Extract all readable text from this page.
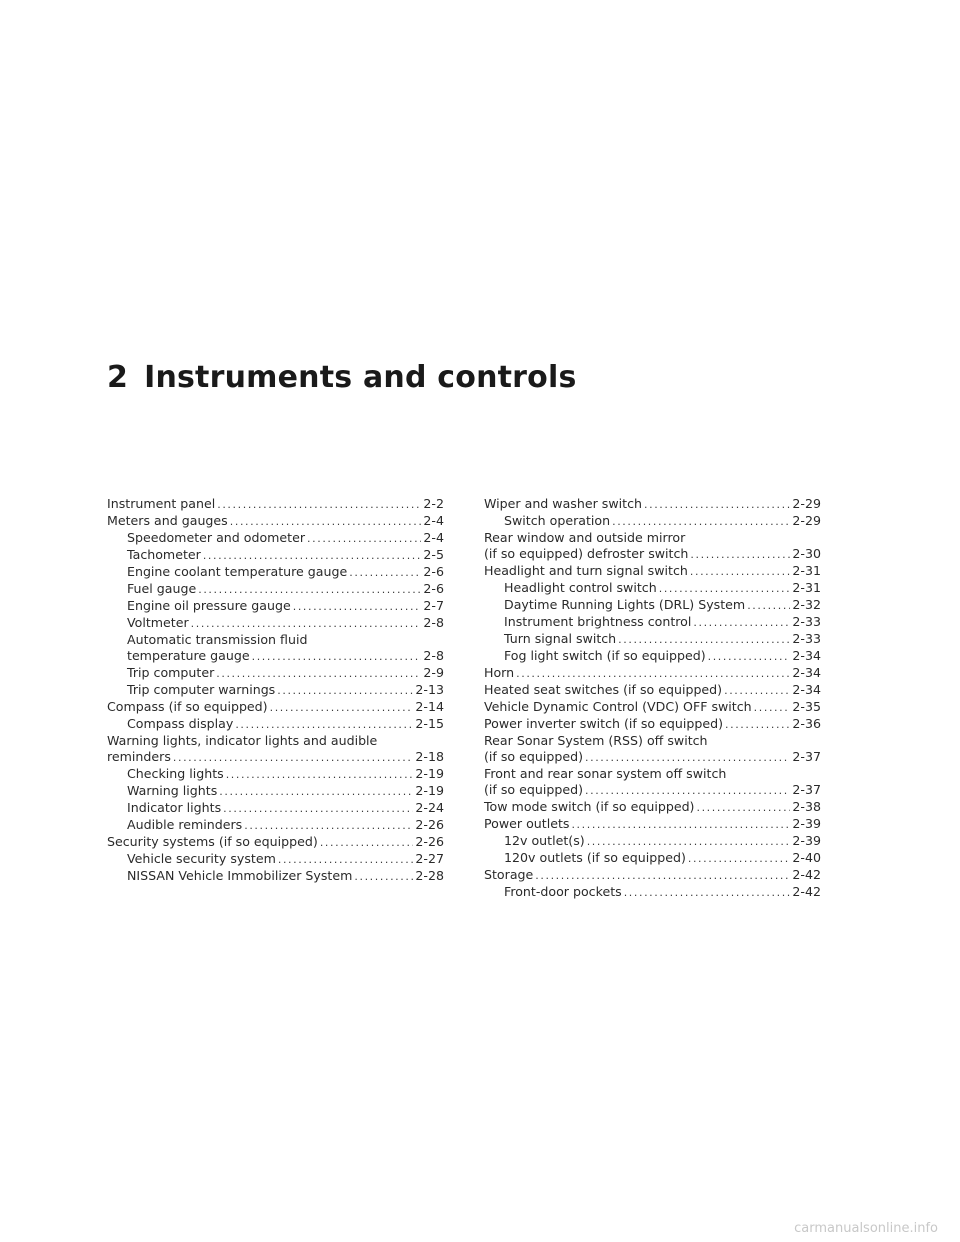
2 Instruments and controls
Instrument panel .....	2-2
Meters and gauges .....	2-4
Speedometer and odometer .....	2-4
Tachometer .....	2-5
Engine coolant temperature gauge .....	2-6
Fuel gauge .....	2-6
Engine oil pressure gauge .....	2-7
Voltmeter .....	2-8
Automatic transmission fluid
temperature gauge .....	2-8
Trip computer .....	2-9
Trip computer warnings .....	2-13
Compass (if so equipped) .....	2-14
Compass display .....	2-15
Warning lights, indicator lights and audible
reminders .....	2-18
Checking lights .....	2-19
Warning lights .....	2-19
Indicator lights .....	2-24
Audible reminders .....	2-26
Security systems (if so equipped) .....	2-26
Vehicle security system .....	2-27
NISSAN Vehicle Immobilizer System .....	2-28
Wiper and washer switch .....	2-29
Switch operation .....	2-29
Rear window and outside mirror
(if so equipped) defroster switch .....	2-30
Headlight and turn signal switch .....	2-31
Headlight control switch .....	2-31
Daytime Running Lights (DRL) System .....	2-32
Instrument brightness control .....	2-33
Turn signal switch .....	2-33
Fog light switch (if so equipped) .....	2-34
Horn .....	2-34
Heated seat switches (if so equipped) .....	2-34
Vehicle Dynamic Control (VDC) OFF switch .....	2-35
Power inverter switch (if so equipped) .....	2-36
Rear Sonar System (RSS) off switch
(if so equipped) .....	2-37
Front and rear sonar system off switch
(if so equipped) .....	2-37
Tow mode switch (if so equipped) .....	2-38
Power outlets .....	2-39
12v outlet(s) .....	2-39
120v outlets (if so equipped) .....	2-40
Storage .....	2-42
Front-door pockets .....	2-42
carmanualsonline.info
